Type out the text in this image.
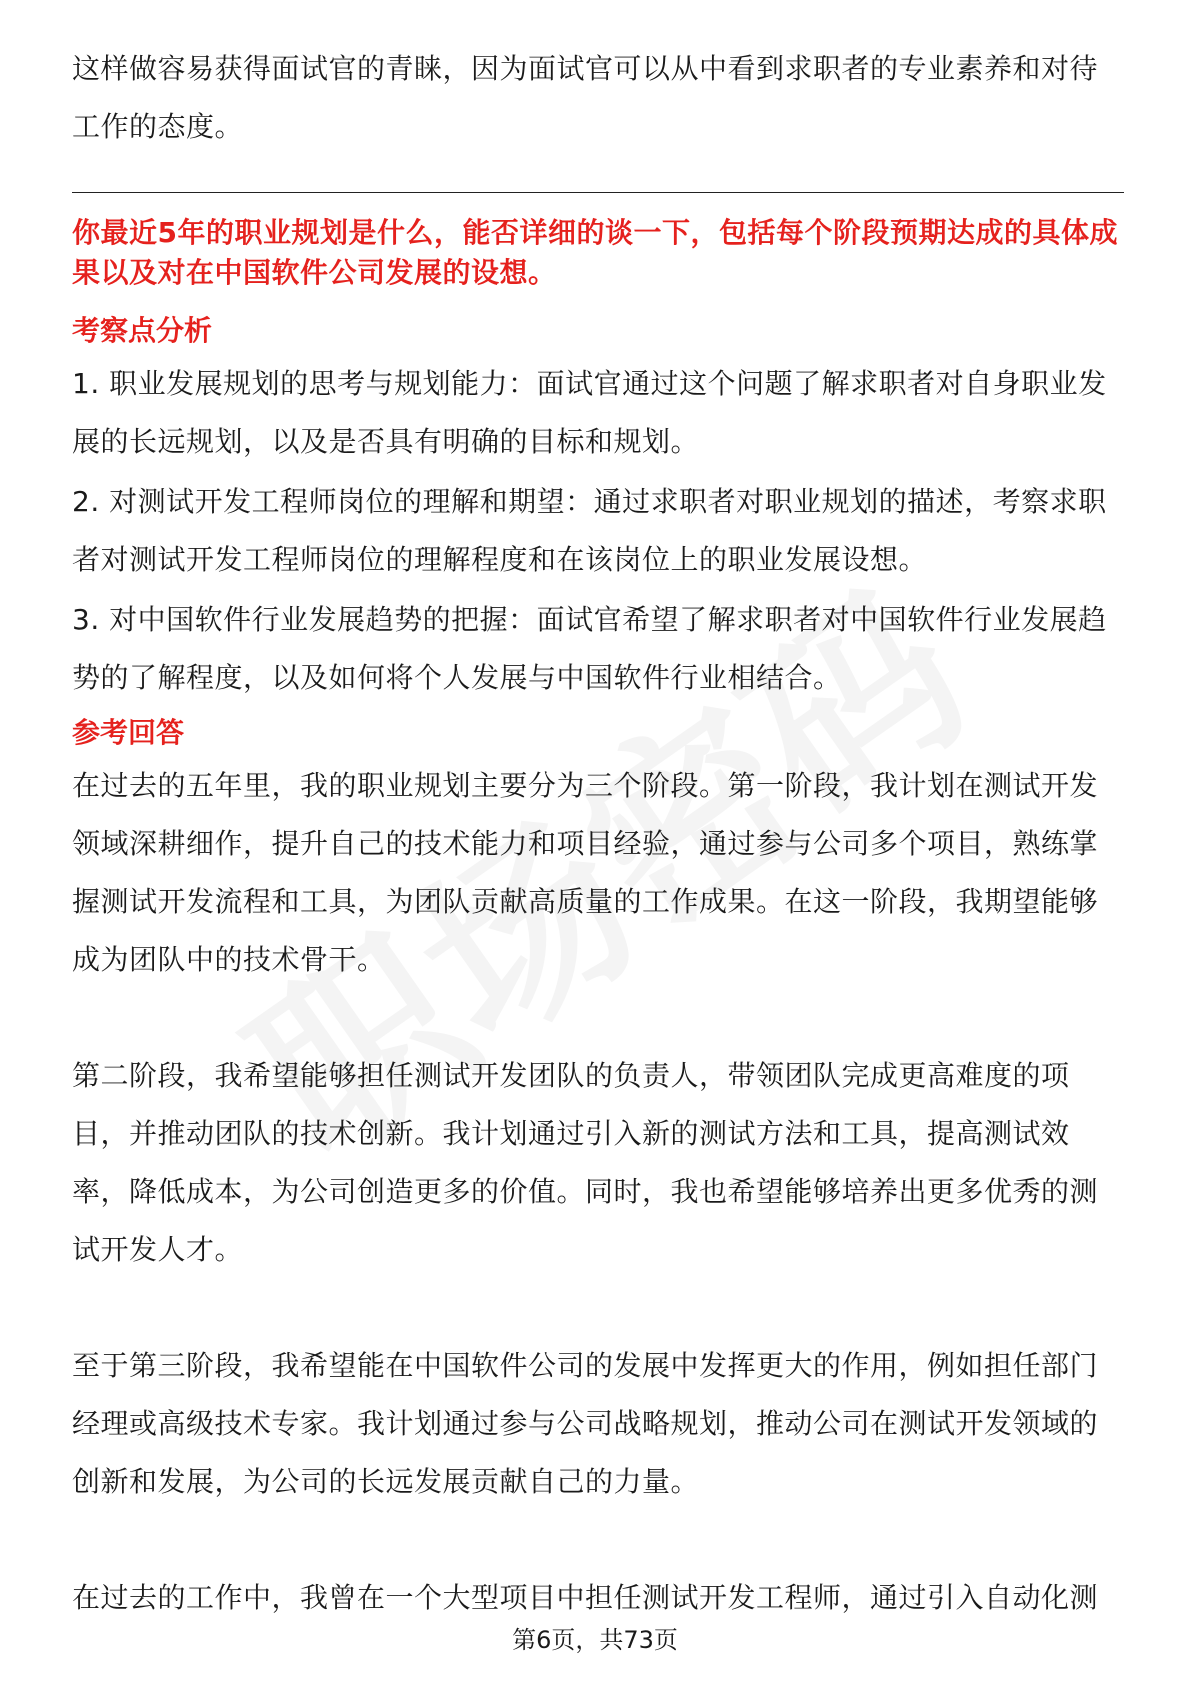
这样做容易获得面试官的青睐，因为面试官可以从中看到求职者的专业素养和对待工作的态度。

你最近5年的职业规划是什么，能否详细的谈一下，包括每个阶段预期达成的具体成果以及对在中国软件公司发展的设想。

考察点分析

1. 职业发展规划的思考与规划能力：面试官通过这个问题了解求职者对自身职业发展的长远规划，以及是否具有明确的目标和规划。

2. 对测试开发工程师岗位的理解和期望：通过求职者对职业规划的描述，考察求职者对测试开发工程师岗位的理解程度和在该岗位上的职业发展设想。

3. 对中国软件行业发展趋势的把握：面试官希望了解求职者对中国软件行业发展趋势的了解程度，以及如何将个人发展与中国软件行业相结合。

参考回答

在过去的五年里，我的职业规划主要分为三个阶段。第一阶段，我计划在测试开发领域深耕细作，提升自己的技术能力和项目经验，通过参与公司多个项目，熟练掌握测试开发流程和工具，为团队贡献高质量的工作成果。在这一阶段，我期望能够成为团队中的技术骨干。

第二阶段，我希望能够担任测试开发团队的负责人，带领团队完成更高难度的项目，并推动团队的技术创新。我计划通过引入新的测试方法和工具，提高测试效率，降低成本，为公司创造更多的价值。同时，我也希望能够培养出更多优秀的测试开发人才。

至于第三阶段，我希望能在中国软件公司的发展中发挥更大的作用，例如担任部门经理或高级技术专家。我计划通过参与公司战略规划，推动公司在测试开发领域的创新和发展，为公司的长远发展贡献自己的力量。

在过去的工作中，我曾在一个大型项目中担任测试开发工程师，通过引入自动化测

第6页，共73页
